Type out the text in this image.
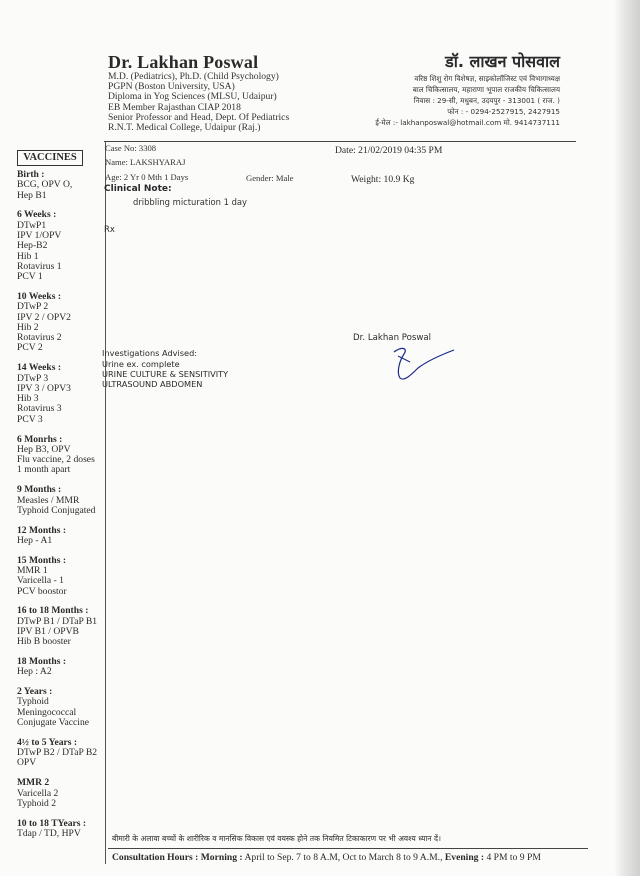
Dr. Lakhan Poswal
M.D. (Pediatrics), Ph.D. (Child Psychology)
PGPN (Boston University, USA)
Diploma in Yog Sciences (MLSU, Udaipur)
EB Member Rajasthan CIAP 2018
Senior Professor and Head, Dept. Of Pediatrics
R.N.T. Medical College, Udaipur (Raj.)
डॉ. लाखन पोसवाल
वरिष्ठ शिशु रोग विशेषज्ञ, साइकोलॉजिस्ट एवं विभागाध्यक्ष
बाल चिकित्सालय, महाराणा भूपाल राजकीय चिकित्सालय
निवास : 29-सी, मधुबन, उदयपुर - 313001 ( राज. )
फोन : - 0294-2527915, 2427915
ई-मेल :- lakhanposwal@hotmail.com मो. 9414737111
VACCINES
Birth :
BCG, OPV O,
Hep B1
6 Weeks :
DTwP1
IPV 1/OPV
Hep-B2
Hib 1
Rotavirus 1
PCV 1
10 Weeks :
DTwP 2
IPV 2 / OPV2
Hib 2
Rotavirus 2
PCV 2
14 Weeks :
DTwP 3
IPV 3 / OPV3
Hib 3
Rotavirus 3
PCV 3
6 Monrhs :
Hep B3, OPV
Flu vaccine, 2 doses
1 month apart
9 Months :
Measles / MMR
Typhoid Conjugated
12 Months :
Hep - A1
15 Months :
MMR 1
Varicella - 1
PCV boostor
16 to 18 Months :
DTwP B1 / DTaP B1
IPV B1 / OPVB
Hib B booster
18 Months :
Hep : A2
2 Years :
Typhoid
Meningococcal
Conjugate Vaccine
4½ to 5 Years :
DTwP B2 / DTaP B2
OPV
MMR 2
Varicella 2
Typhoid 2
10 to 18 TYears :
Tdap / TD, HPV
Case No: 3308	Date: 21/02/2019 04:35 PM
Name: LAKSHYARAJ
Age: 2 Yr 0 Mth 1 Days	Gender: Male	Weight: 10.9 Kg
Clinical Note:
dribbling micturation 1 day
Rx
Dr. Lakhan Poswal
Investigations Advised:
Urine ex. complete
URINE CULTURE & SENSITIVITY
ULTRASOUND ABDOMEN
बीमारी के अलावा बच्चों के शारीरिक व मानसिक विकास एवं वयस्क होने तक नियमित टिकाकारण पर भी अवश्य ध्यान दें।
Consultation Hours : Morning : April to Sep. 7 to 8 A.M, Oct to March 8 to 9 A.M., Evening : 4 PM to 9 PM
